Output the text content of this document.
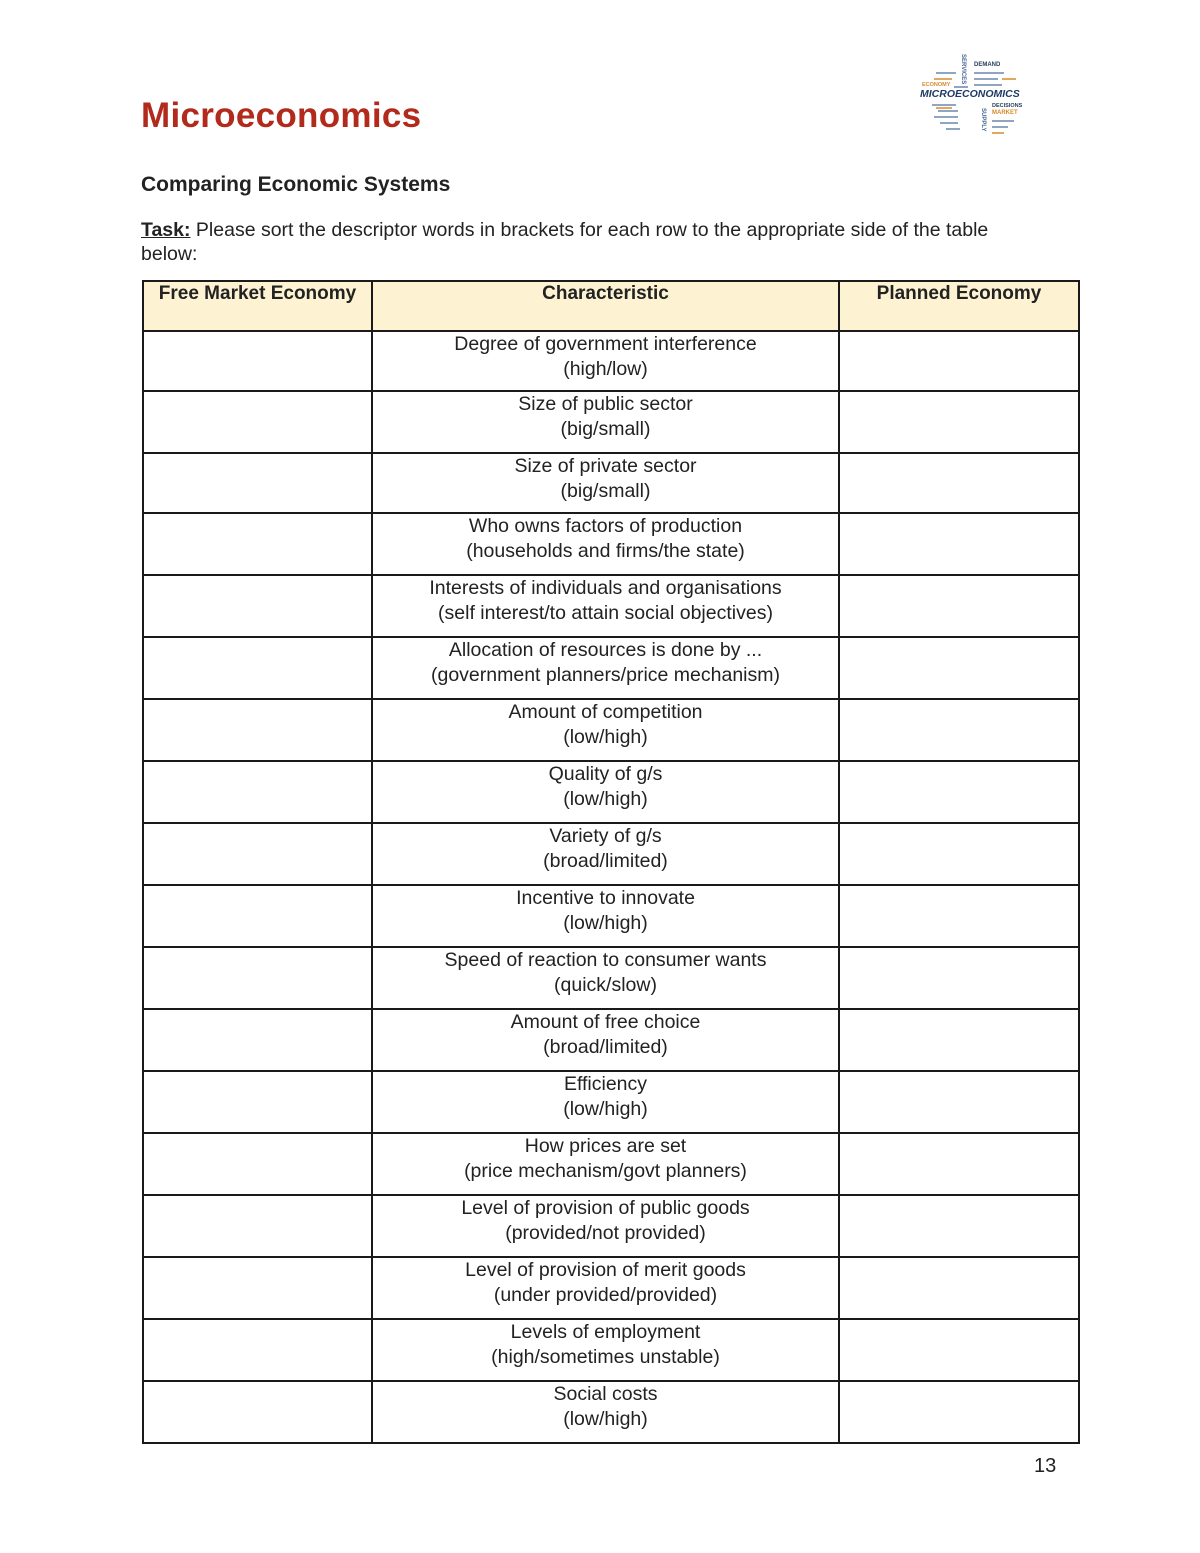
Microeconomics
DEMAND
SERVICES
ECONOMY
MICROECONOMICS
DECISIONS
MARKET
SUPPLY
Comparing Economic Systems
Task: Please sort the descriptor words in brackets for each row to the appropriate side of the table below:
Free Market Economy	Characteristic	Planned Economy

	Degree of government interference
(high/low)	

	Size of public sector
(big/small)	

	Size of private sector
(big/small)	

	Who owns factors of production
(households and firms/the state)	

	Interests of individuals and organisations
(self interest/to attain social objectives)	

	Allocation of resources is done by ...
(government planners/price mechanism)	

	Amount of competition
(low/high)	

	Quality of g/s
(low/high)	

	Variety of g/s
(broad/limited)	

	Incentive to innovate
(low/high)	

	Speed of reaction to consumer wants
(quick/slow)	

	Amount of free choice
(broad/limited)	

	Efficiency
(low/high)	

	How prices are set
(price mechanism/govt planners)	

	Level of provision of public goods
(provided/not provided)	

	Level of provision of merit goods
(under provided/provided)	

	Levels of employment
(high/sometimes unstable)	

	Social costs
(low/high)	

13
